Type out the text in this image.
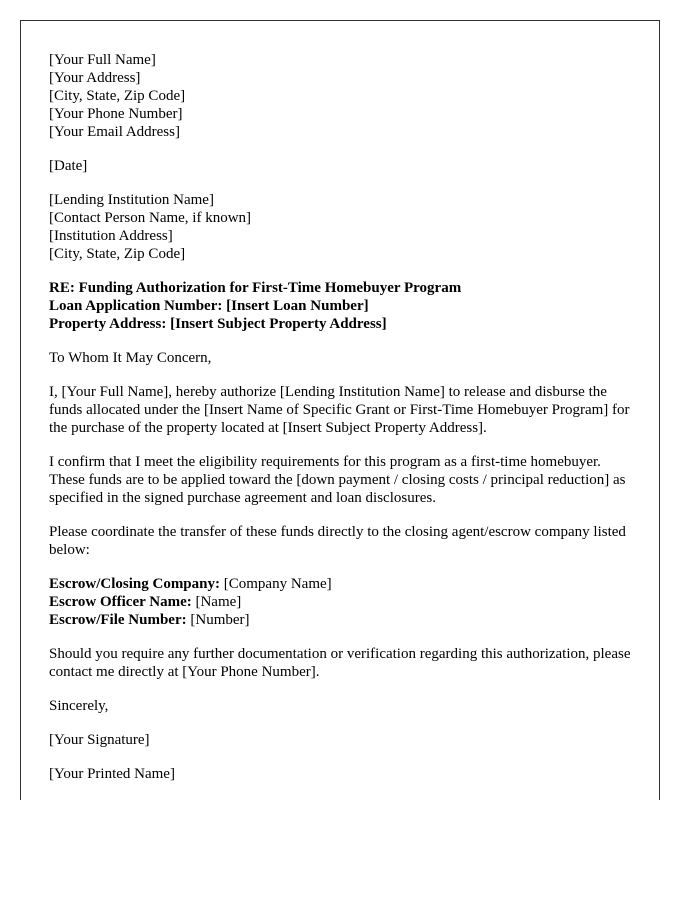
[Your Full Name]
[Your Address]
[City, State, Zip Code]
[Your Phone Number]
[Your Email Address]
[Date]
[Lending Institution Name]
[Contact Person Name, if known]
[Institution Address]
[City, State, Zip Code]
RE: Funding Authorization for First-Time Homebuyer Program
Loan Application Number: [Insert Loan Number]
Property Address: [Insert Subject Property Address]

To Whom It May Concern,

I, [Your Full Name], hereby authorize [Lending Institution Name] to release and disburse the funds allocated under the [Insert Name of Specific Grant or First-Time Homebuyer Program] for the purchase of the property located at [Insert Subject Property Address].

I confirm that I meet the eligibility requirements for this program as a first-time homebuyer. These funds are to be applied toward the [down payment / closing costs / principal reduction] as specified in the signed purchase agreement and loan disclosures.

Please coordinate the transfer of these funds directly to the closing agent/escrow company listed below:

Escrow/Closing Company: [Company Name]
Escrow Officer Name: [Name]
Escrow/File Number: [Number]

Should you require any further documentation or verification regarding this authorization, please contact me directly at [Your Phone Number].

Sincerely,

[Your Signature]

[Your Printed Name]
